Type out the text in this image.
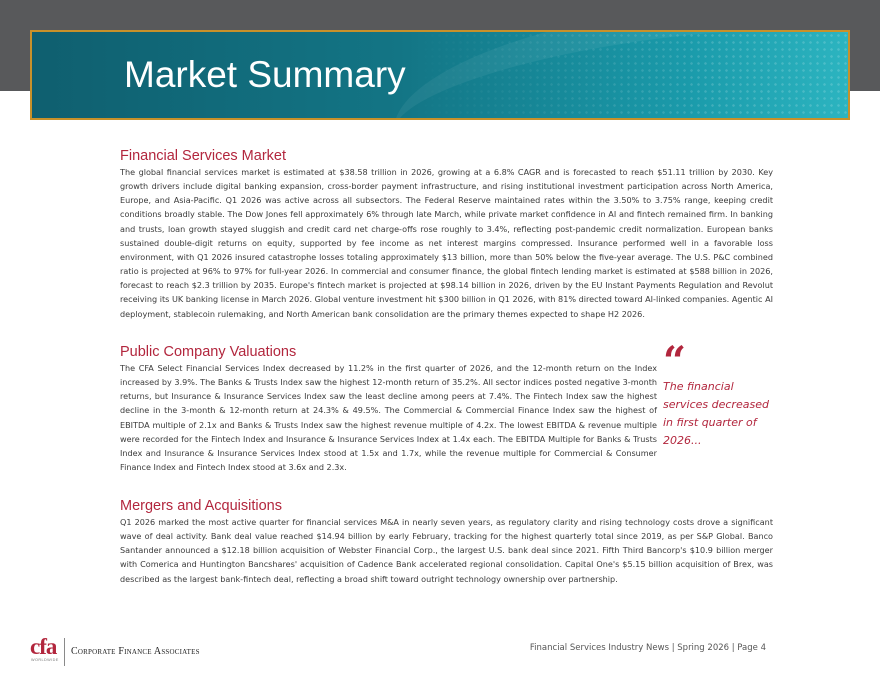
Market Summary
Financial Services Market

The global financial services market is estimated at $38.58 trillion in 2026, growing at a 6.8% CAGR and is forecasted to reach $51.11 trillion by 2030. Key growth drivers include digital banking expansion, cross-border payment infrastructure, and rising institutional investment participation across North America, Europe, and Asia-Pacific. Q1 2026 was active across all subsectors. The Federal Reserve maintained rates within the 3.50% to 3.75% range, keeping credit conditions broadly stable. The Dow Jones fell approximately 6% through late March, while private market confidence in AI and fintech remained firm. In banking and trusts, loan growth stayed sluggish and credit card net charge-offs rose roughly to 3.4%, reflecting post-pandemic credit normalization. European banks sustained double-digit returns on equity, supported by fee income as net interest margins compressed. Insurance performed well in a favorable loss environment, with Q1 2026 insured catastrophe losses totaling approximately $13 billion, more than 50% below the five-year average. The U.S. P&C combined ratio is projected at 96% to 97% for full-year 2026. In commercial and consumer finance, the global fintech lending market is estimated at $588 billion in 2026, forecast to reach $2.3 trillion by 2035. Europe's fintech market is projected at $98.14 billion in 2026, driven by the EU Instant Payments Regulation and Revolut receiving its UK banking license in March 2026. Global venture investment hit $300 billion in Q1 2026, with 81% directed toward AI-linked companies. Agentic AI deployment, stablecoin rulemaking, and North American bank consolidation are the primary themes expected to shape H2 2026.

Public Company Valuations

The CFA Select Financial Services Index decreased by 11.2% in the first quarter of 2026, and the 12-month return on the Index increased by 3.9%. The Banks & Trusts Index saw the highest 12-month return of 35.2%. All sector indices posted negative 3-month returns, but Insurance & Insurance Services Index saw the least decline among peers at 7.4%. The Fintech Index saw the highest decline in the 3-month & 12-month return at 24.3% & 49.5%. The Commercial & Commercial Finance Index saw the highest of EBITDA multiple of 2.1x and Banks & Trusts Index saw the highest revenue multiple of 4.2x. The lowest EBITDA & revenue multiple were recorded for the Fintech Index and Insurance & Insurance Services Index at 1.4x each. The EBITDA Multiple for Banks & Trusts Index and Insurance & Insurance Services Index stood at 1.5x and 1.7x, while the revenue multiple for Commercial & Consumer Finance Index and Fintech Index stood at 3.6x and 2.3x.

“

The financial services decreased in first quarter of 2026...

Mergers and Acquisitions

Q1 2026 marked the most active quarter for financial services M&A in nearly seven years, as regulatory clarity and rising technology costs drove a significant wave of deal activity. Bank deal value reached $14.94 billion by early February, tracking for the highest quarterly total since 2019, as per S&P Global. Banco Santander announced a $12.18 billion acquisition of Webster Financial Corp., the largest U.S. bank deal since 2021. Fifth Third Bancorp's $10.9 billion merger with Comerica and Huntington Bancshares' acquisition of Cadence Bank accelerated regional consolidation. Capital One's $5.15 billion acquisition of Brex, was described as the largest bank-fintech deal, reflecting a broad shift toward outright technology ownership over partnership.

cfa
WORLDWIDE
Corporate Finance Associates	Financial Services Industry News | Spring 2026 | Page 4
